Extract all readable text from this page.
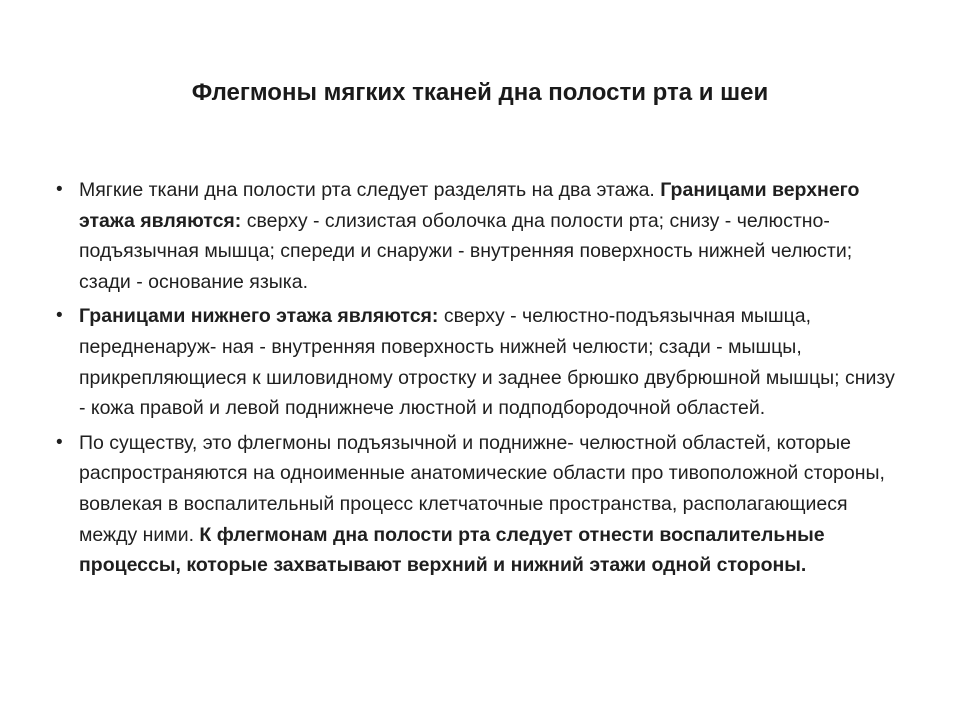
Флегмоны мягких тканей дна полости рта и шеи
• Мягкие ткани дна полости рта следует разделять на два этажа. Границами верхнего этажа являются: сверху - слизистая оболочка дна полости рта; снизу - челюстно-подъязычная мышца; спереди и снаружи - внутренняя поверхность нижней челюсти; сзади - основание языка.
• Границами нижнего этажа являются: сверху - челюстно-подъязычная мышца, передненаруж- ная - внутренняя поверхность нижней челюсти; сзади - мышцы, прикрепляющиеся к шиловидному отростку и заднее брюшко двубрюшной мышцы; снизу - кожа правой и левой поднижнече люстной и подподбородочной областей.
• По существу, это флегмоны подъязычной и поднижне- челюстной областей, которые распространяются на одноименные анатомические области про тивоположной стороны, вовлекая в воспалительный процесс клетчаточные пространства, располагающиеся между ними. К флегмонам дна полости рта следует отнести воспалительные процессы, которые захватывают верхний и нижний этажи одной стороны.
